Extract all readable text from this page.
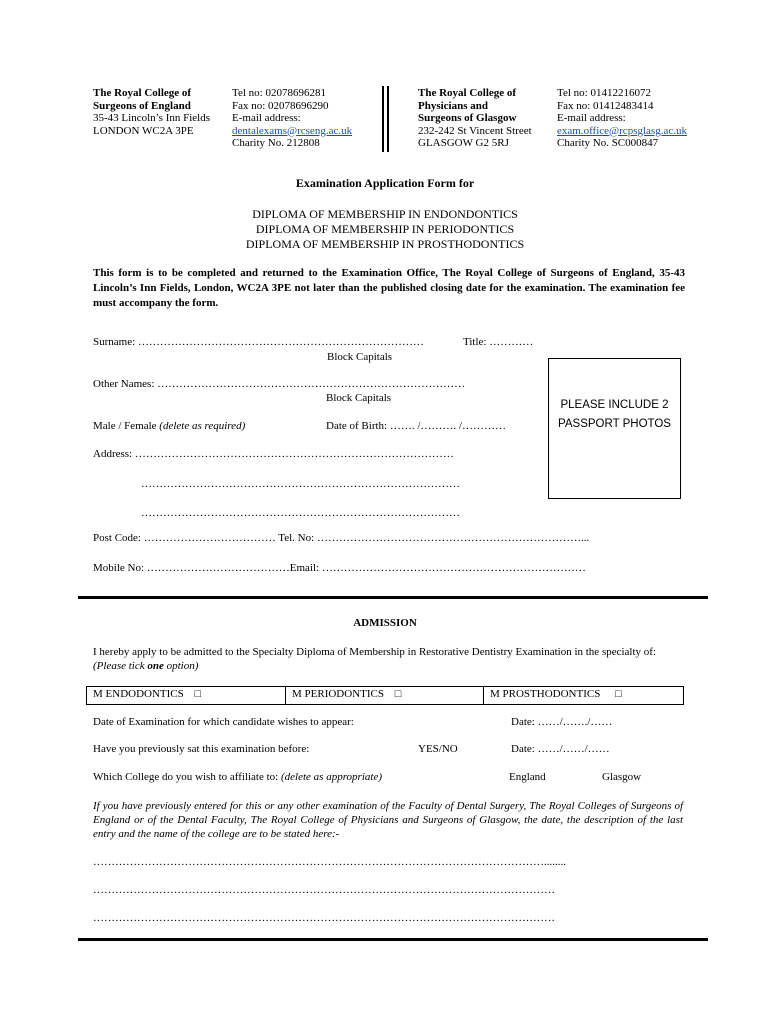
The Royal College of
Surgeons of England
35-43 Lincoln’s Inn Fields
LONDON WC2A 3PE
Tel no: 02078696281
Fax no: 02078696290
E-mail address:
dentalexams@rcseng.ac.uk
Charity No. 212808
The Royal College of
Physicians and
Surgeons of Glasgow
232-242 St Vincent Street
GLASGOW G2 5RJ
Tel no: 01412216072
Fax no: 01412483414
E-mail address:
exam.office@rcpsglasg.ac.uk
Charity No. SC000847
Examination Application Form for
DIPLOMA OF MEMBERSHIP IN ENDONDONTICS
DIPLOMA OF MEMBERSHIP IN PERIODONTICS
DIPLOMA OF MEMBERSHIP IN PROSTHODONTICS
This form is to be completed and returned to the Examination Office, The Royal College of Surgeons of England, 35-43 Lincoln’s Inn Fields, London, WC2A 3PE not later than the published closing date for the examination. The examination fee must accompany the form.
Surname: ……………………………………………………………………	Title: …………
Block Capitals
Other Names: …………………………………………………………………………
Block Capitals
Male / Female (delete as required)	Date of Birth: ……. /………. /…………
Address: ……………………………………………………………………………
……………………………………………………………………………
……………………………………………………………………………
PLEASE INCLUDE 2
PASSPORT PHOTOS
Post Code: ……………………………… Tel. No: ………………………………………………………………...
Mobile No: …………………………………Email: ………………………………………………………………
ADMISSION
I hereby apply to be admitted to the Specialty Diploma of Membership in Restorative Dentistry Examination in the specialty of: (Please tick one option)
M ENDODONTICS □	M PERIODONTICS □	M PROSTHODONTICS □
Date of Examination for which candidate wishes to appear:	Date: ……/……./……
Have you previously sat this examination before:	YES/NO	Date: ……/……/……
Which College do you wish to affiliate to: (delete as appropriate)	England	Glasgow
If you have previously entered for this or any other examination of the Faculty of Dental Surgery, The Royal Colleges of Surgeons of England or of the Dental Faculty, The Royal College of Physicians and Surgeons of Glasgow, the date, the description of the last entry and the name of the college are to be stated here:-
……………………………………………………………………………………………………………........
………………………………………………………………………………………………………………
………………………………………………………………………………………………………………
